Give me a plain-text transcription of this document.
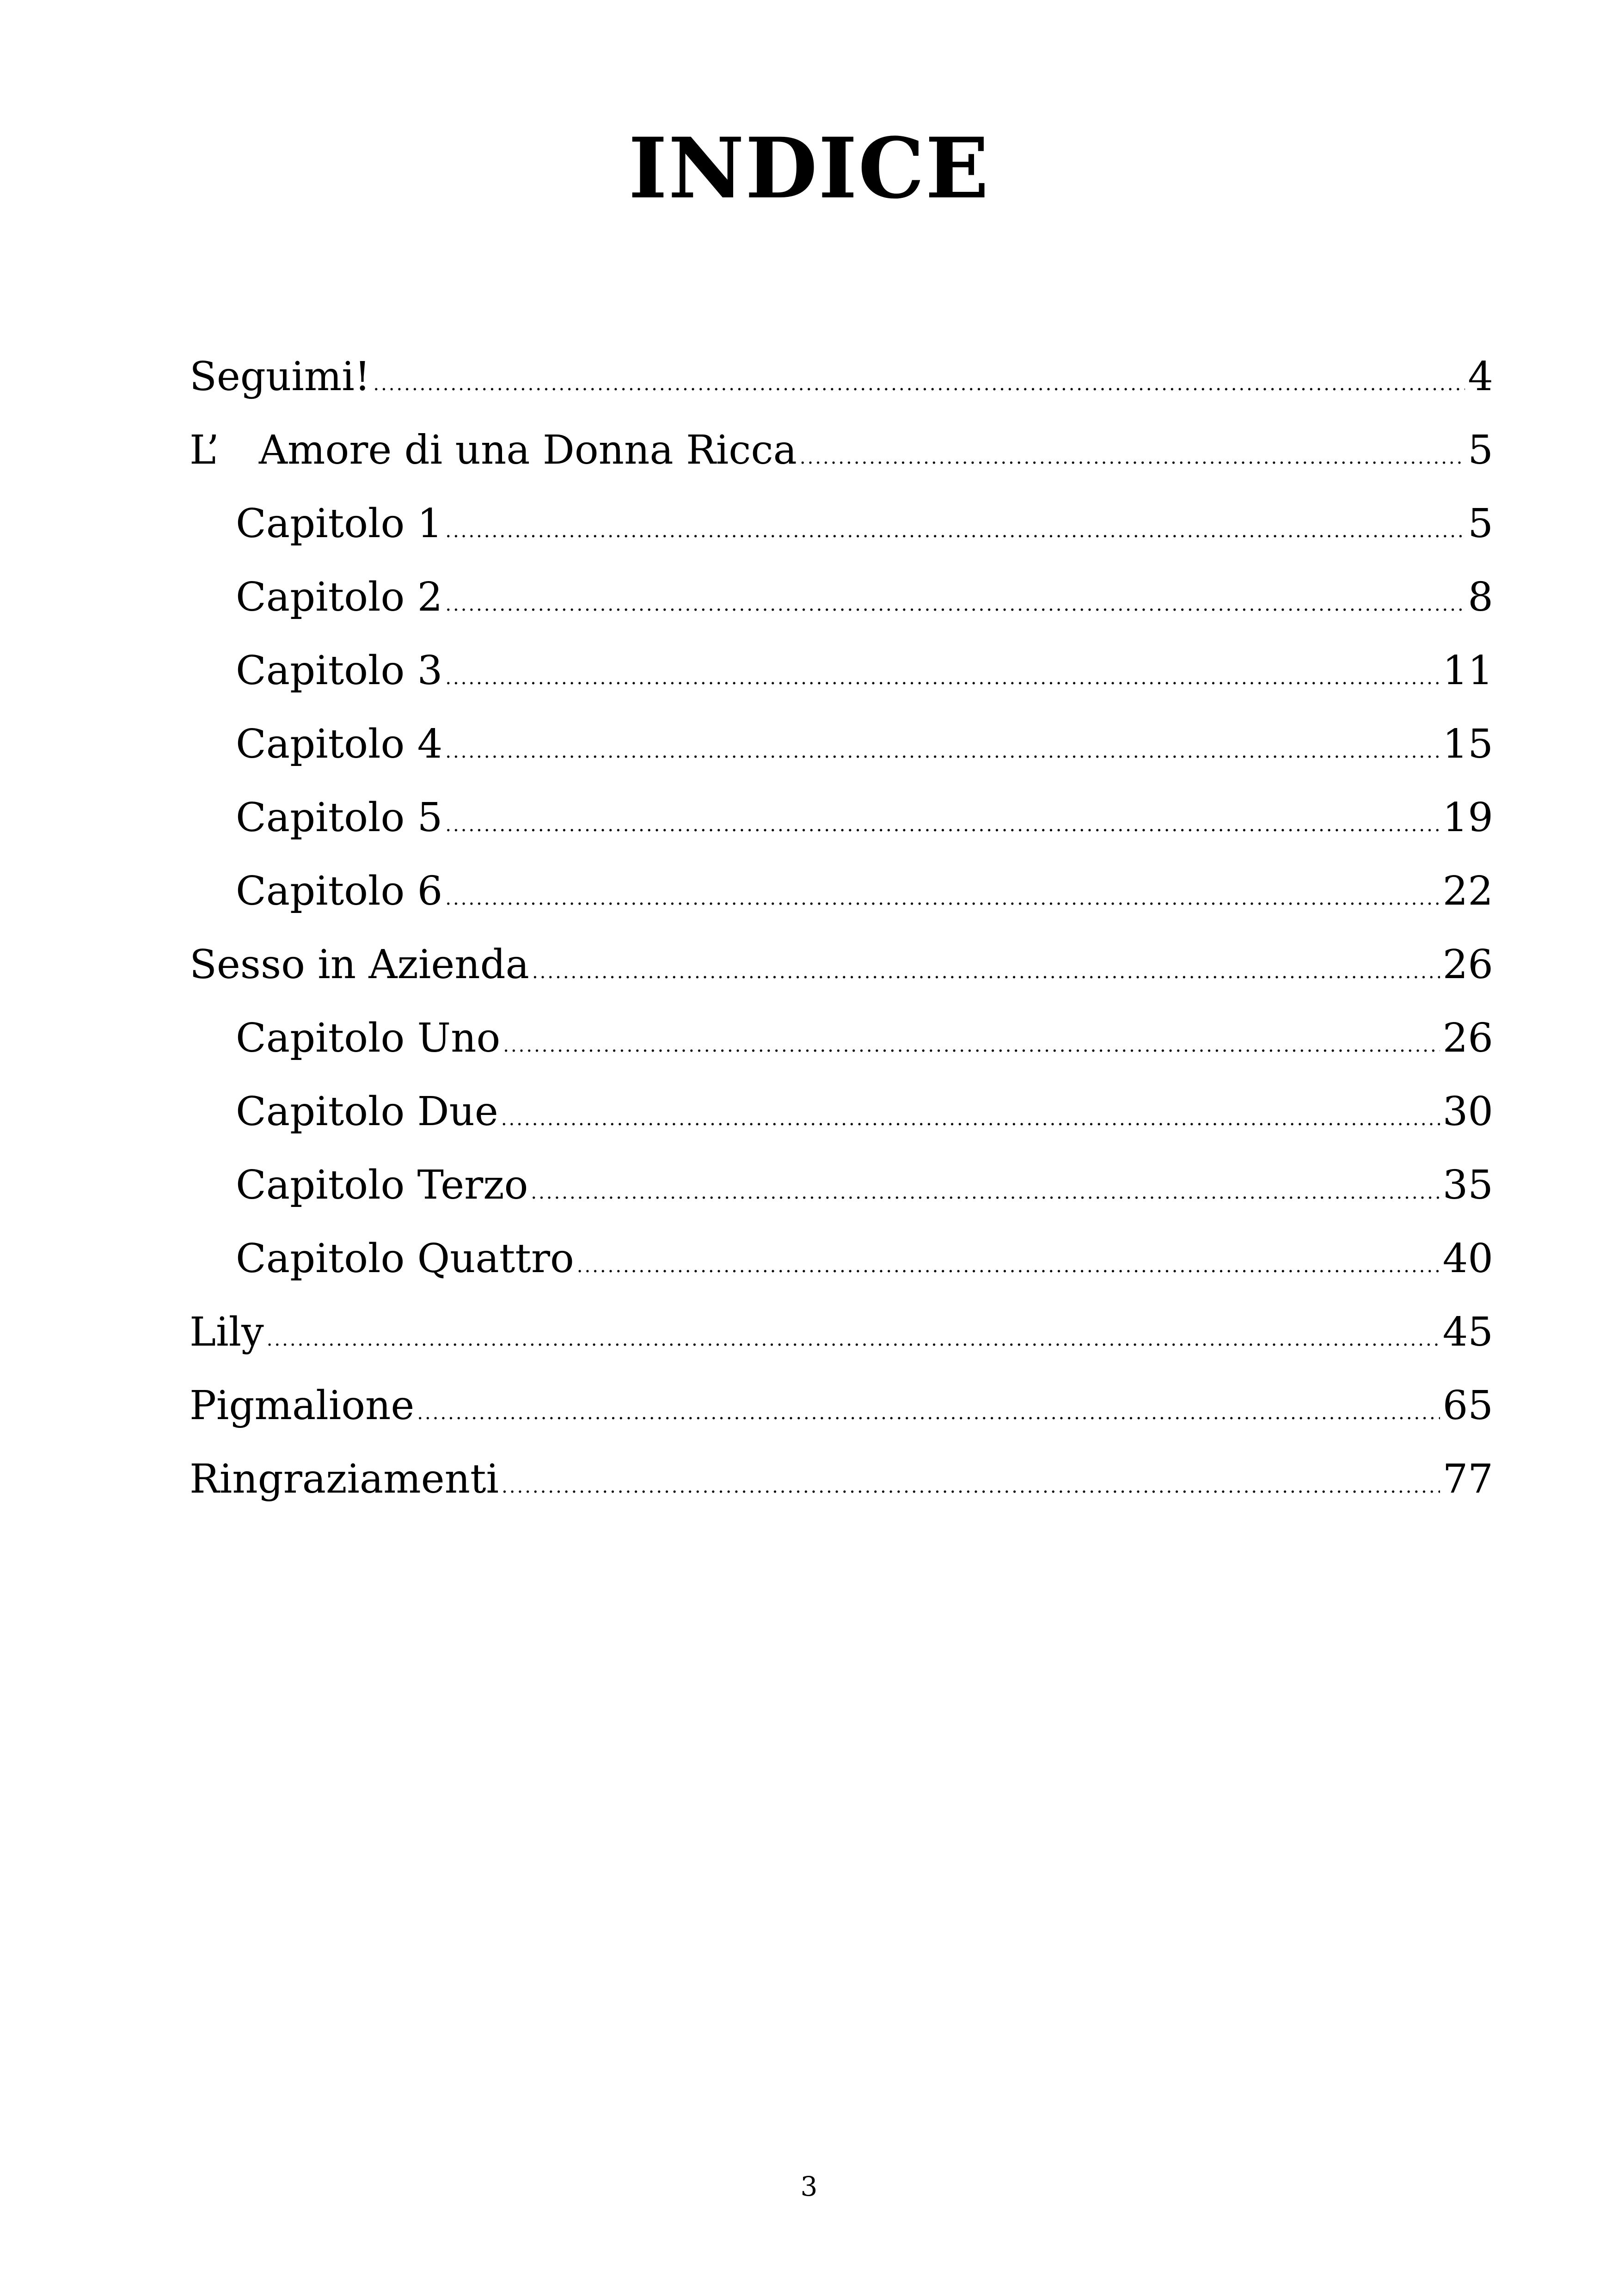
INDICE
Seguimi! .....	4
L’　Amore di una Donna Ricca .....	5
Capitolo 1 .....	5
Capitolo 2 .....	8
Capitolo 3 .....	11
Capitolo 4 .....	15
Capitolo 5 .....	19
Capitolo 6 .....	22
Sesso in Azienda .....	26
Capitolo Uno .....	26
Capitolo Due .....	30
Capitolo Terzo .....	35
Capitolo Quattro .....	40
Lily .....	45
Pigmalione .....	65
Ringraziamenti .....	77
3
